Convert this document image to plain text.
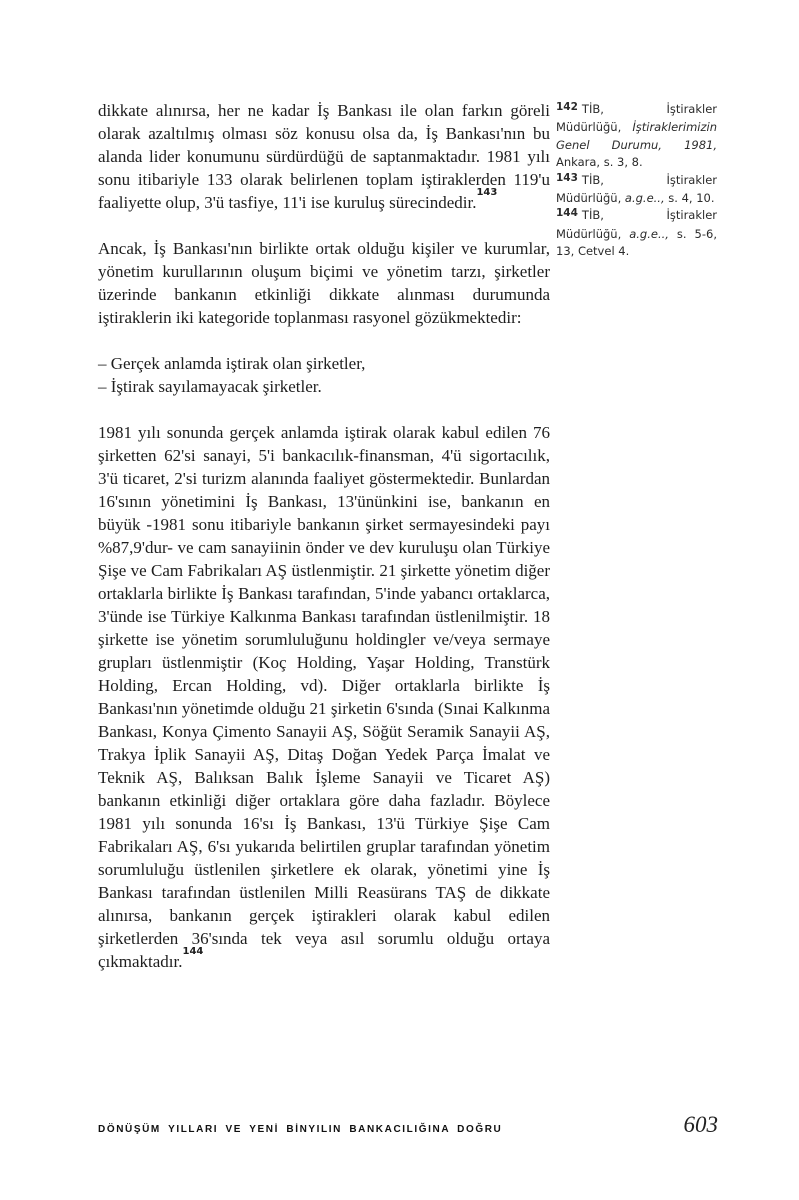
dikkate alınırsa, her ne kadar İş Bankası ile olan farkın göreli olarak azaltılmış olması söz konusu olsa da, İş Bankası'nın bu alanda lider konumunu sürdürdüğü de saptanmaktadır. 1981 yılı sonu itibariyle 133 olarak belirlenen toplam iştiraklerden 119'u faaliyette olup, 3'ü tasfiye, 11'i ise kuruluş sürecindedir.$^{143}$

Ancak, İş Bankası'nın birlikte ortak olduğu kişiler ve kurumlar, yönetim kurullarının oluşum biçimi ve yönetim tarzı, şirketler üzerinde bankanın etkinliği dikkate alınması durumunda iştiraklerin iki kategoride toplanması rasyonel gözükmektedir:

– Gerçek anlamda iştirak olan şirketler,

– İştirak sayılamayacak şirketler.

1981 yılı sonunda gerçek anlamda iştirak olarak kabul edilen 76 şirketten 62'si sanayi, 5'i bankacılık-finansman, 4'ü sigortacılık, 3'ü ticaret, 2'si turizm alanında faaliyet göstermektedir. Bunlardan 16'sının yönetimini İş Bankası, 13'ününkini ise, bankanın en büyük -1981 sonu itibariyle bankanın şirket sermayesindeki payı %87,9'dur- ve cam sanayiinin önder ve dev kuruluşu olan Türkiye Şişe ve Cam Fabrikaları AŞ üstlenmiştir. 21 şirkette yönetim diğer ortaklarla birlikte İş Bankası tarafından, 5'inde yabancı ortaklarca, 3'ünde ise Türkiye Kalkınma Bankası tarafından üstlenilmiştir. 18 şirkette ise yönetim sorumluluğunu holdingler ve/veya sermaye grupları üstlenmiştir (Koç Holding, Yaşar Holding, Transtürk Holding, Ercan Holding, vd). Diğer ortaklarla birlikte İş Bankası'nın yönetimde olduğu 21 şirketin 6'sında (Sınai Kalkınma Bankası, Konya Çimento Sanayii AŞ, Söğüt Seramik Sanayii AŞ, Trakya İplik Sanayii AŞ, Ditaş Doğan Yedek Parça İmalat ve Teknik AŞ, Balıksan Balık İşleme Sanayii ve Ticaret AŞ) bankanın etkinliği diğer ortaklara göre daha fazladır. Böylece 1981 yılı sonunda 16'sı İş Bankası, 13'ü Türkiye Şişe Cam Fabrikaları AŞ, 6'sı yukarıda belirtilen gruplar tarafından yönetim sorumluluğu üstlenilen şirketlere ek olarak, yönetimi yine İş Bankası tarafından üstlenilen Milli Reasürans TAŞ de dikkate alınırsa, bankanın gerçek iştirakleri olarak kabul edilen şirketlerden 36'sında tek veya asıl sorumlu olduğu ortaya çıkmaktadır.$^{144}$

142 TİB, İştirakler Müdürlüğü, İştiraklerimizin Genel Durumu, 1981, Ankara, s. 3, 8.

143 TİB, İştirakler Müdürlüğü, a.g.e.., s. 4, 10.

144 TİB, İştirakler Müdürlüğü, a.g.e.., s. 5-6, 13, Cetvel 4.

DÖNÜŞÜM YILLARI VE YENİ BİNYILIN BANKACILIĞINA DOĞRU	603
